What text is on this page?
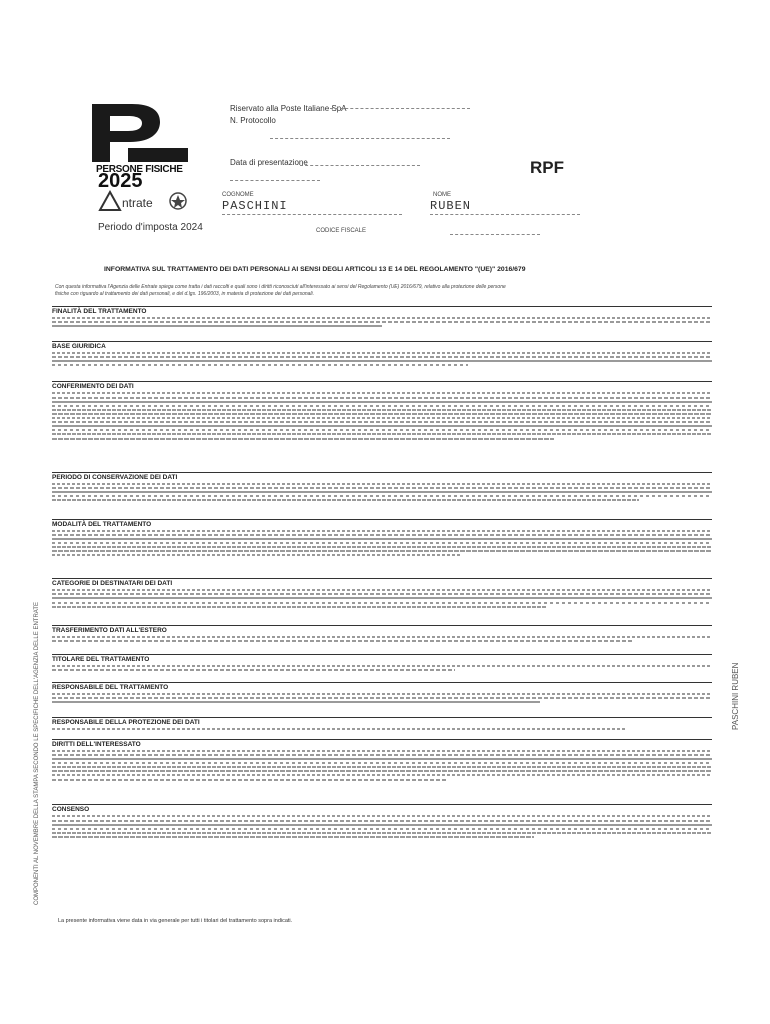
PERSONE FISICHE
2025
ntrate
Periodo d'imposta 2024
Riservato alla Poste Italiane SpA
N. Protocollo
Data di presentazione	RPF
COGNOME
PASCHINI
NOME
RUBEN
CODICE FISCALE
INFORMATIVA SUL TRATTAMENTO DEI DATI PERSONALI AI SENSI DEGLI ARTICOLI 13 E 14 DEL REGOLAMENTO "(UE)" 2016/679
Con questa informativa l'Agenzia delle Entrate spiega come tratta i dati raccolti e quali sono i diritti riconosciuti all'interessato ai sensi del Regolamento (UE) 2016/679, relativo alla protezione delle persone
fisiche con riguardo al trattamento dei dati personali, e del d.lgs. 196/2003, in materia di protezione dei dati personali.
FINALITÀ DEL TRATTAMENTO
BASE GIURIDICA
CONFERIMENTO DEI DATI
PERIODO DI CONSERVAZIONE DEI DATI
MODALITÀ DEL TRATTAMENTO
CATEGORIE DI DESTINATARI DEI DATI
TRASFERIMENTO DATI ALL'ESTERO
TITOLARE DEL TRATTAMENTO
RESPONSABILE DEL TRATTAMENTO
RESPONSABILE DELLA PROTEZIONE DEI DATI
DIRITTI DELL'INTERESSATO
CONSENSO
La presente informativa viene data in via generale per tutti i titolari del trattamento sopra indicati.
COMPONENTI AL NOVEMBRE DELLA STAMPA SECONDO LE SPECIFICHE DELL'AGENZIA DELLE ENTRATE	PASCHINI RUBEN
